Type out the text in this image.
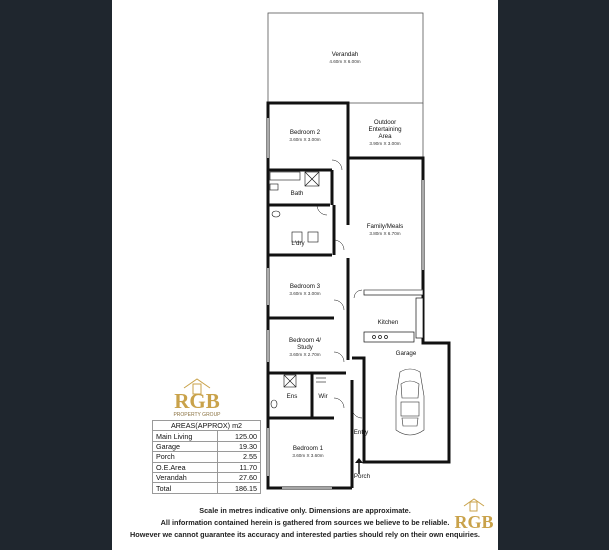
Verandah
4.60m X 6.00m
Outdoor
Entertaining
Area
3.90m X 3.00m
Bedroom 2
3.60m X 3.00m
Bath
L'dry
Family/Meals
3.80m X 6.70m
Bedroom 3
3.60m X 3.00m
Kitchen
Bedroom 4/
Study
3.60m X 2.70m	Garage
Ens	Wir
Entry
Bedroom 1
3.60m X 3.60m
Porch
RGB
PROPERTY GROUP
RGB
AREAS(APPROX) m2	
Main Living	125.00
Garage	19.30
Porch	2.55
O.E.Area	11.70
Verandah	27.60
Total	186.15
Scale in metres indicative only. Dimensions are approximate.
All information contained herein is gathered from sources we believe to be reliable.
However we cannot guarantee its accuracy and interested parties should rely on their own enquiries.
